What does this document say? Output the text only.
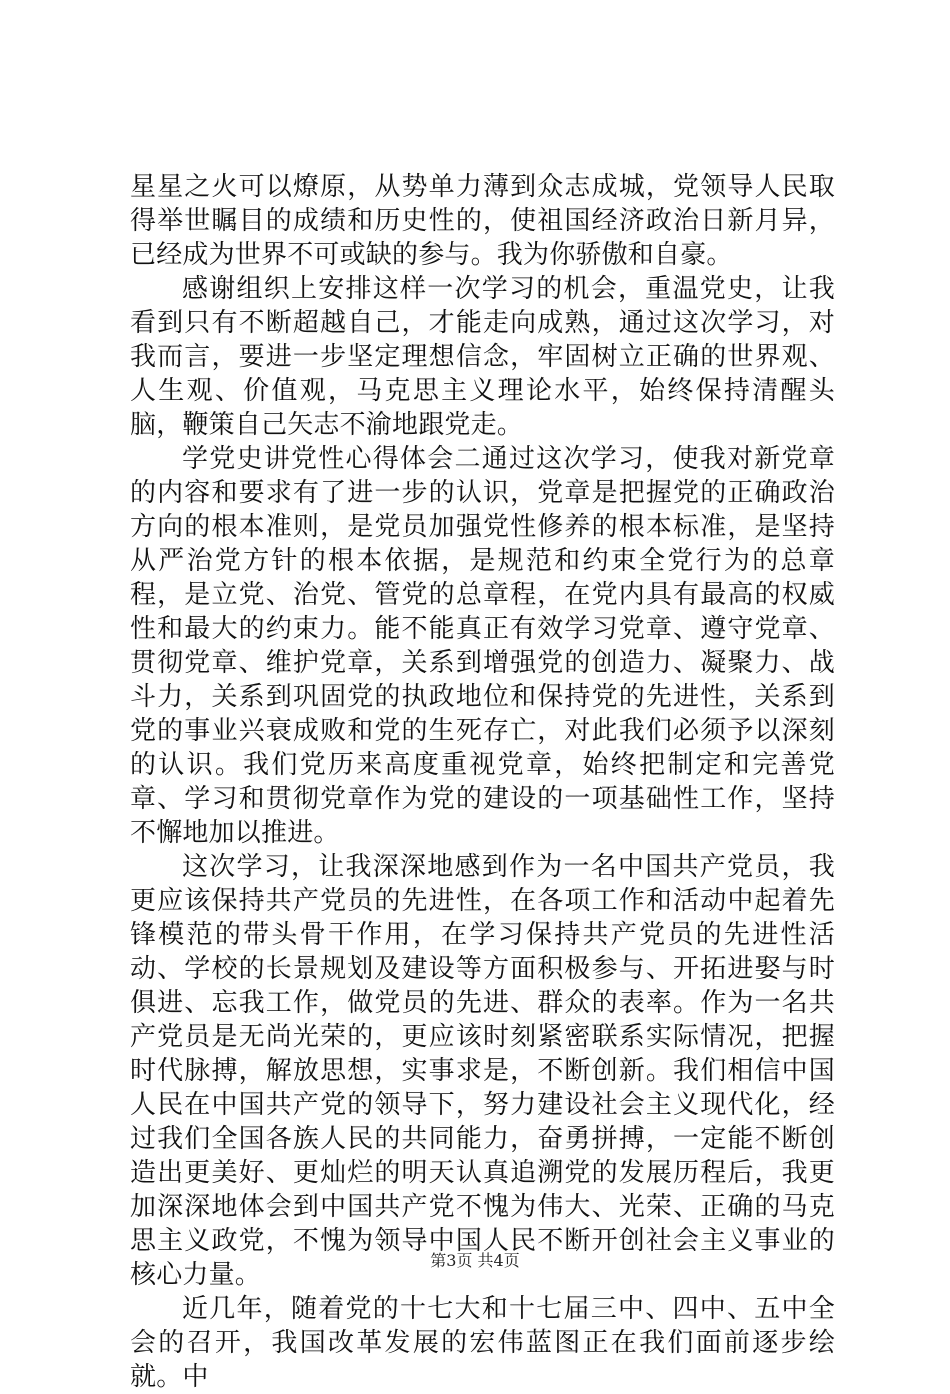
星星之火可以燎原，从势单力薄到众志成城，党领导人民取得举世瞩目的成绩和历史性的，使祖国经济政治日新月异，已经成为世界不可或缺的参与。我为你骄傲和自豪。

感谢组织上安排这样一次学习的机会，重温党史，让我看到只有不断超越自己，才能走向成熟，通过这次学习，对我而言，要进一步坚定理想信念，牢固树立正确的世界观、人生观、价值观，马克思主义理论水平，始终保持清醒头脑，鞭策自己矢志不渝地跟党走。

学党史讲党性心得体会二通过这次学习，使我对新党章的内容和要求有了进一步的认识，党章是把握党的正确政治方向的根本准则，是党员加强党性修养的根本标准，是坚持从严治党方针的根本依据，是规范和约束全党行为的总章程，是立党、治党、管党的总章程，在党内具有最高的权威性和最大的约束力。能不能真正有效学习党章、遵守党章、贯彻党章、维护党章，关系到增强党的创造力、凝聚力、战斗力，关系到巩固党的执政地位和保持党的先进性，关系到党的事业兴衰成败和党的生死存亡，对此我们必须予以深刻的认识。我们党历来高度重视党章，始终把制定和完善党章、学习和贯彻党章作为党的建设的一项基础性工作，坚持不懈地加以推进。

这次学习，让我深深地感到作为一名中国共产党员，我更应该保持共产党员的先进性，在各项工作和活动中起着先锋模范的带头骨干作用，在学习保持共产党员的先进性活动、学校的长景规划及建设等方面积极参与、开拓进娶与时俱进、忘我工作，做党员的先进、群众的表率。作为一名共产党员是无尚光荣的，更应该时刻紧密联系实际情况，把握时代脉搏，解放思想，实事求是，不断创新。我们相信中国人民在中国共产党的领导下，努力建设社会主义现代化，经过我们全国各族人民的共同能力，奋勇拼搏，一定能不断创造出更美好、更灿烂的明天认真追溯党的发展历程后，我更加深深地体会到中国共产党不愧为伟大、光荣、正确的马克思主义政党，不愧为领导中国人民不断开创社会主义事业的核心力量。

近几年，随着党的十七大和十七届三中、四中、五中全会的召开，我国改革发展的宏伟蓝图正在我们面前逐步绘就。中

第3页 共4页
